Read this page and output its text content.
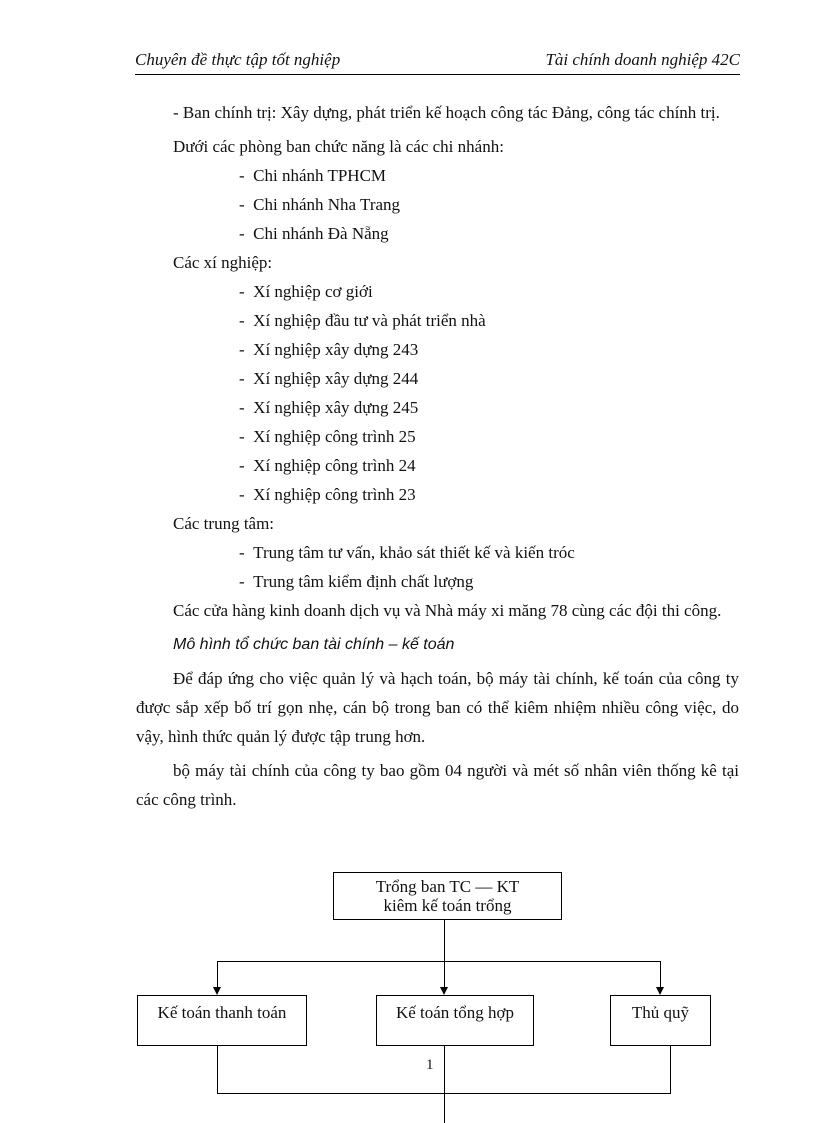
Chuyên đề thực tập tốt nghiệp	Tài chính doanh nghiệp 42C

- Ban chính trị: Xây dựng, phát triển kế hoạch công tác Đảng, công tác chính trị.

Dưới các phòng ban chức năng là các chi nhánh:

-  Chi nhánh TPHCM
-  Chi nhánh Nha Trang
-  Chi nhánh Đà Nẵng

Các xí nghiệp:

-  Xí nghiệp cơ giới
-  Xí nghiệp đầu tư và phát triển nhà
-  Xí nghiệp xây dựng 243
-  Xí nghiệp xây dựng 244
-  Xí nghiệp xây dựng 245
-  Xí nghiệp công trình 25
-  Xí nghiệp công trình 24
-  Xí nghiệp công trình 23

Các trung tâm:

-  Trung tâm tư vấn, khảo sát thiết kế và kiến tróc
-  Trung tâm kiểm định chất lượng

Các cửa hàng kinh doanh dịch vụ và Nhà máy xi măng 78 cùng các đội thi công.

Mô hình tổ chức ban tài chính – kế toán

Để đáp ứng cho việc quản lý và hạch toán, bộ máy tài chính, kế toán của công ty được sắp xếp bố trí gọn nhẹ, cán bộ trong ban có thể kiêm nhiệm nhiều công việc, do vậy, hình thức quản lý được tập trung hơn.

bộ máy tài chính của công ty bao gồm 04 người và mét số nhân viên thống kê tại các công trình.

Trổng ban TC — KT
kiêm kế toán trổng
Kế toán thanh toán	Kế toán tổng hợp	Thủ quỹ
1
